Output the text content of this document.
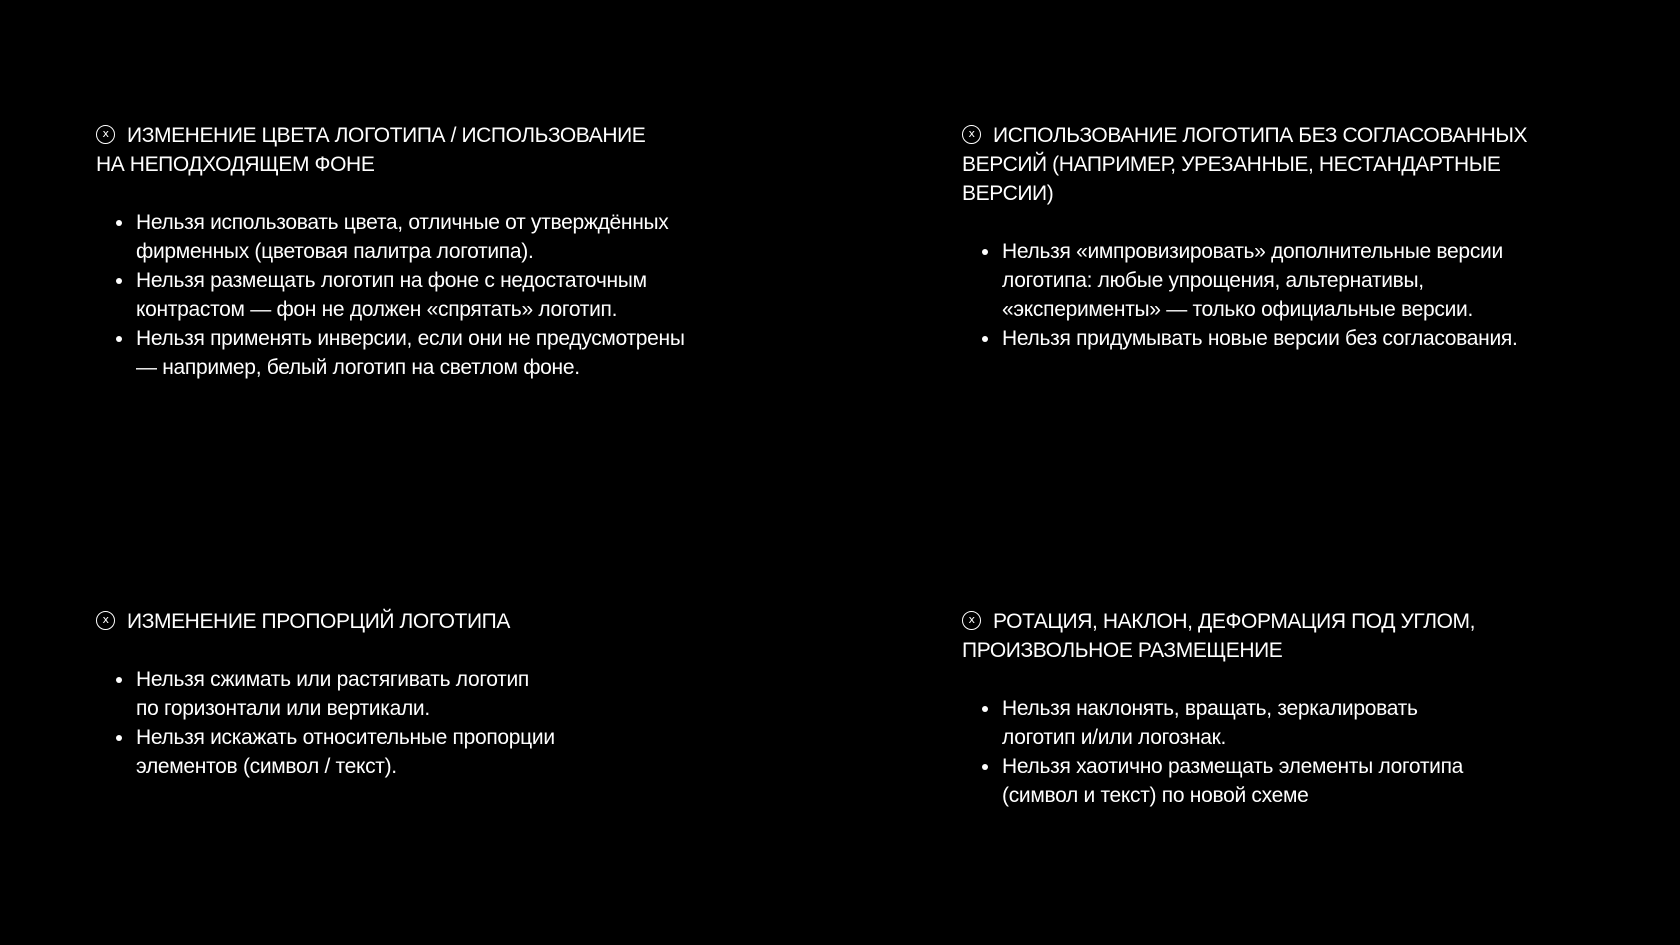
xИЗМЕНЕНИЕ ЦВЕТА ЛОГОТИПА / ИСПОЛЬЗОВАНИЕ
НА НЕПОДХОДЯЩЕМ ФОНЕ
Нельзя использовать цвета, отличные от утверждённых
фирменных (цветовая палитра логотипа).
Нельзя размещать логотип на фоне с недостаточным
контрастом — фон не должен «спрятать» логотип.
Нельзя применять инверсии, если они не предусмотрены
— например, белый логотип на светлом фоне.
xИСПОЛЬЗОВАНИЕ ЛОГОТИПА БЕЗ СОГЛАСОВАННЫХ
ВЕРСИЙ (НАПРИМЕР, УРЕЗАННЫЕ, НЕСТАНДАРТНЫЕ
ВЕРСИИ)
Нельзя «импровизировать» дополнительные версии
логотипа: любые упрощения, альтернативы,
«эксперименты» — только официальные версии.
Нельзя придумывать новые версии без согласования.
xИЗМЕНЕНИЕ ПРОПОРЦИЙ ЛОГОТИПА
Нельзя сжимать или растягивать логотип
по горизонтали или вертикали.
Нельзя искажать относительные пропорции
элементов (символ / текст).
xРОТАЦИЯ, НАКЛОН, ДЕФОРМАЦИЯ ПОД УГЛОМ,
ПРОИЗВОЛЬНОЕ РАЗМЕЩЕНИЕ
Нельзя наклонять, вращать, зеркалировать
логотип и/или логознак.
Нельзя хаотично размещать элементы логотипа
(символ и текст) по новой схеме
